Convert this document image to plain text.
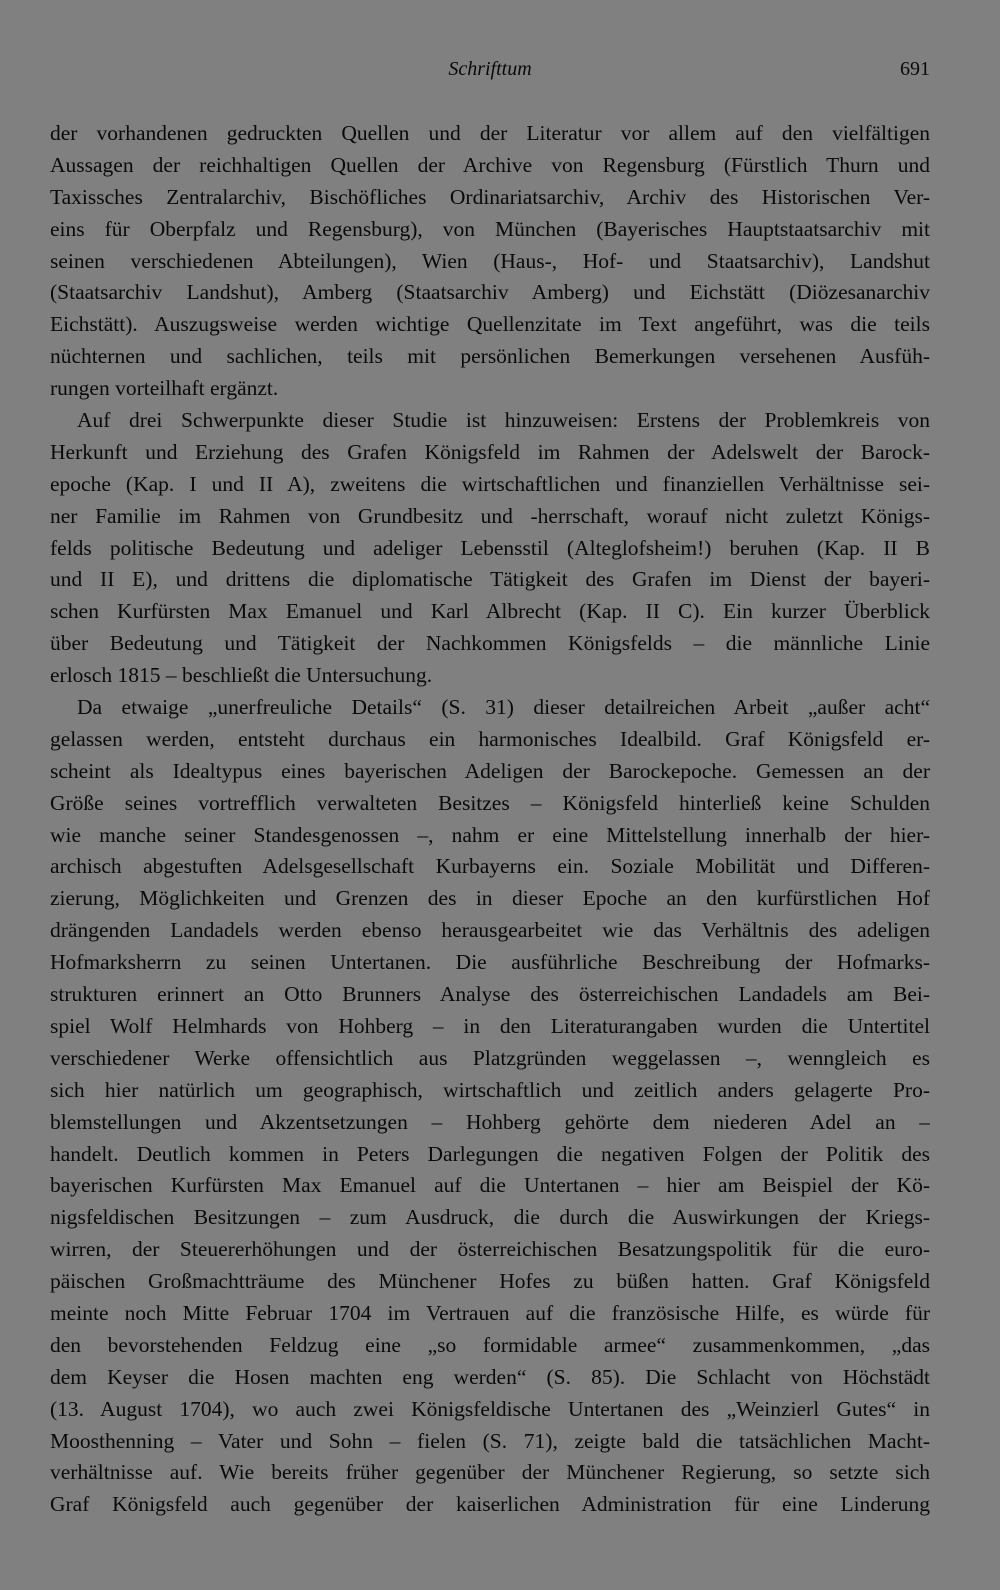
Schrifttum	691
der vorhandenen gedruckten Quellen und der Literatur vor allem auf den vielfältigen
Aussagen der reichhaltigen Quellen der Archive von Regensburg (Fürstlich Thurn und
Taxissches Zentralarchiv, Bischöfliches Ordinariatsarchiv, Archiv des Historischen Ver-
eins für Oberpfalz und Regensburg), von München (Bayerisches Hauptstaatsarchiv mit
seinen verschiedenen Abteilungen), Wien (Haus-, Hof- und Staatsarchiv), Landshut
(Staatsarchiv Landshut), Amberg (Staatsarchiv Amberg) und Eichstätt (Diözesanarchiv
Eichstätt). Auszugsweise werden wichtige Quellenzitate im Text angeführt, was die teils
nüchternen und sachlichen, teils mit persönlichen Bemerkungen versehenen Ausfüh-
rungen vorteilhaft ergänzt.
Auf drei Schwerpunkte dieser Studie ist hinzuweisen: Erstens der Problemkreis von
Herkunft und Erziehung des Grafen Königsfeld im Rahmen der Adelswelt der Barock-
epoche (Kap. I und II A), zweitens die wirtschaftlichen und finanziellen Verhältnisse sei-
ner Familie im Rahmen von Grundbesitz und -herrschaft, worauf nicht zuletzt Königs-
felds politische Bedeutung und adeliger Lebensstil (Alteglofsheim!) beruhen (Kap. II B
und II E), und drittens die diplomatische Tätigkeit des Grafen im Dienst der bayeri-
schen Kurfürsten Max Emanuel und Karl Albrecht (Kap. II C). Ein kurzer Überblick
über Bedeutung und Tätigkeit der Nachkommen Königsfelds – die männliche Linie
erlosch 1815 – beschließt die Untersuchung.
Da etwaige „unerfreuliche Details“ (S. 31) dieser detailreichen Arbeit „außer acht“
gelassen werden, entsteht durchaus ein harmonisches Idealbild. Graf Königsfeld er-
scheint als Idealtypus eines bayerischen Adeligen der Barockepoche. Gemessen an der
Größe seines vortrefflich verwalteten Besitzes – Königsfeld hinterließ keine Schulden
wie manche seiner Standesgenossen –, nahm er eine Mittelstellung innerhalb der hier-
archisch abgestuften Adelsgesellschaft Kurbayerns ein. Soziale Mobilität und Differen-
zierung, Möglichkeiten und Grenzen des in dieser Epoche an den kurfürstlichen Hof
drängenden Landadels werden ebenso herausgearbeitet wie das Verhältnis des adeligen
Hofmarksherrn zu seinen Untertanen. Die ausführliche Beschreibung der Hofmarks-
strukturen erinnert an Otto Brunners Analyse des österreichischen Landadels am Bei-
spiel Wolf Helmhards von Hohberg – in den Literaturangaben wurden die Untertitel
verschiedener Werke offensichtlich aus Platzgründen weggelassen –, wenngleich es
sich hier natürlich um geographisch, wirtschaftlich und zeitlich anders gelagerte Pro-
blemstellungen und Akzentsetzungen – Hohberg gehörte dem niederen Adel an –
handelt. Deutlich kommen in Peters Darlegungen die negativen Folgen der Politik des
bayerischen Kurfürsten Max Emanuel auf die Untertanen – hier am Beispiel der Kö-
nigsfeldischen Besitzungen – zum Ausdruck, die durch die Auswirkungen der Kriegs-
wirren, der Steuererhöhungen und der österreichischen Besatzungspolitik für die euro-
päischen Großmachtträume des Münchener Hofes zu büßen hatten. Graf Königsfeld
meinte noch Mitte Februar 1704 im Vertrauen auf die französische Hilfe, es würde für
den bevorstehenden Feldzug eine „so formidable armee“ zusammenkommen, „das
dem Keyser die Hosen machten eng werden“ (S. 85). Die Schlacht von Höchstädt
(13. August 1704), wo auch zwei Königsfeldische Untertanen des „Weinzierl Gutes“ in
Moosthenning – Vater und Sohn – fielen (S. 71), zeigte bald die tatsächlichen Macht-
verhältnisse auf. Wie bereits früher gegenüber der Münchener Regierung, so setzte sich
Graf Königsfeld auch gegenüber der kaiserlichen Administration für eine Linderung
